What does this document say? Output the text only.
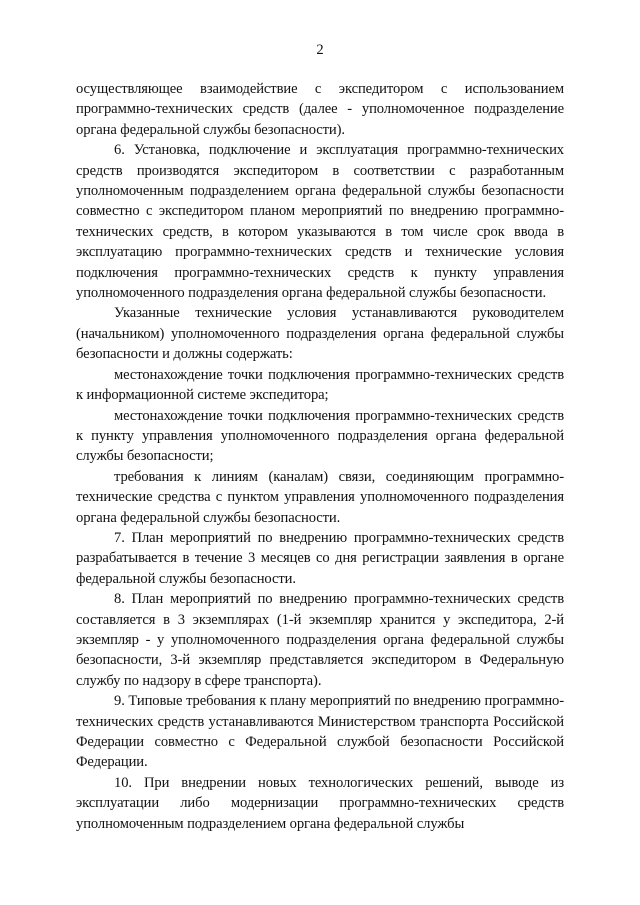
2

осуществляющее взаимодействие с экспедитором с использованием программно-технических средств (далее - уполномоченное подразделение органа федеральной службы безопасности).

6. Установка, подключение и эксплуатация программно-технических средств производятся экспедитором в соответствии с разработанным уполномоченным подразделением органа федеральной службы безопасности совместно с экспедитором планом мероприятий по внедрению программно-технических средств, в котором указываются в том числе срок ввода в эксплуатацию программно-технических средств и технические условия подключения программно-технических средств к пункту управления уполномоченного подразделения органа федеральной службы безопасности.

Указанные технические условия устанавливаются руководителем (начальником) уполномоченного подразделения органа федеральной службы безопасности и должны содержать:

местонахождение точки подключения программно-технических средств к информационной системе экспедитора;

местонахождение точки подключения программно-технических средств к пункту управления уполномоченного подразделения органа федеральной службы безопасности;

требования к линиям (каналам) связи, соединяющим программно-технические средства с пунктом управления уполномоченного подразделения органа федеральной службы безопасности.

7. План мероприятий по внедрению программно-технических средств разрабатывается в течение 3 месяцев со дня регистрации заявления в органе федеральной службы безопасности.

8. План мероприятий по внедрению программно-технических средств составляется в 3 экземплярах (1-й экземпляр хранится у экспедитора, 2-й экземпляр - у уполномоченного подразделения органа федеральной службы безопасности, 3-й экземпляр представляется экспедитором в Федеральную службу по надзору в сфере транспорта).

9. Типовые требования к плану мероприятий по внедрению программно-технических средств устанавливаются Министерством транспорта Российской Федерации совместно с Федеральной службой безопасности Российской Федерации.

10. При внедрении новых технологических решений, выводе из эксплуатации либо модернизации программно-технических средств уполномоченным подразделением органа федеральной службы
